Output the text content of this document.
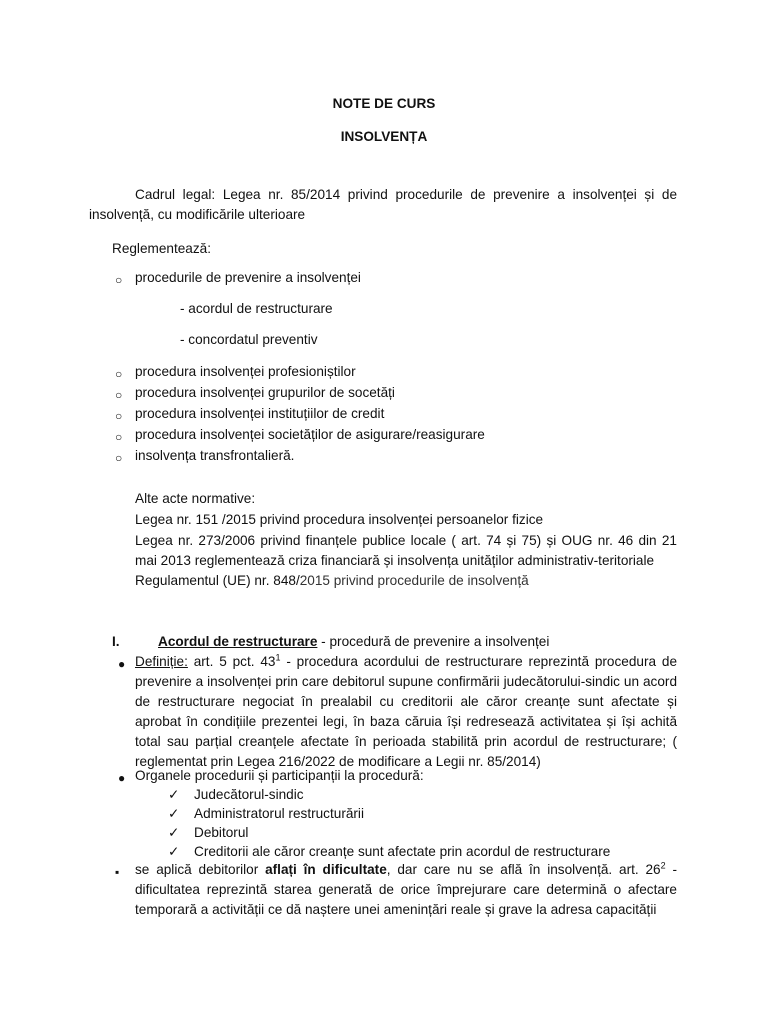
NOTE DE CURS
INSOLVENȚA
Cadrul legal: Legea nr. 85/2014 privind procedurile de prevenire a insolvenței și de insolvență, cu modificările ulterioare
Reglementează:
○ procedurile de prevenire a insolvenței
- acordul de restructurare
- concordatul preventiv
○ procedura insolvenței profesioniștilor
○ procedura insolvenței grupurilor de socetăți
○ procedura insolvenței instituțiilor de credit
○ procedura insolvenței societăților de asigurare/reasigurare
○ insolvența transfrontalieră.
Alte acte normative:
Legea nr. 151 /2015 privind procedura insolvenței persoanelor fizice
Legea nr. 273/2006 privind finanțele publice locale ( art. 74 și 75) și OUG nr. 46 din 21 mai 2013 reglementează criza financiară și insolvența unităților administrativ-teritoriale
Regulamentul (UE) nr. 848/2015 privind procedurile de insolvență
I.	Acordul de restructurare - procedură de prevenire a insolvenței
● Definiție: art. 5 pct. $43^1$ - procedura acordului de restructurare reprezintă procedura de prevenire a insolvenței prin care debitorul supune confirmării judecătorului-sindic un acord de restructurare negociat în prealabil cu creditorii ale căror creanțe sunt afectate și aprobat în condițiile prezentei legi, în baza căruia își redresează activitatea și își achită total sau parțial creanțele afectate în perioada stabilită prin acordul de restructurare; ( reglementat prin Legea 216/2022 de modificare a Legii nr. 85/2014)
● Organele procedurii și participanții la procedură:
✓ Judecătorul-sindic
✓ Administratorul restructurării
✓ Debitorul
✓ Creditorii ale căror creanțe sunt afectate prin acordul de restructurare
▪ se aplică debitorilor aflați în dificultate, dar care nu se află în insolvență. art. $26^2$ - dificultatea reprezintă starea generată de orice împrejurare care determină o afectare temporară a activității ce dă naștere unei amenințări reale și grave la adresa capacității
